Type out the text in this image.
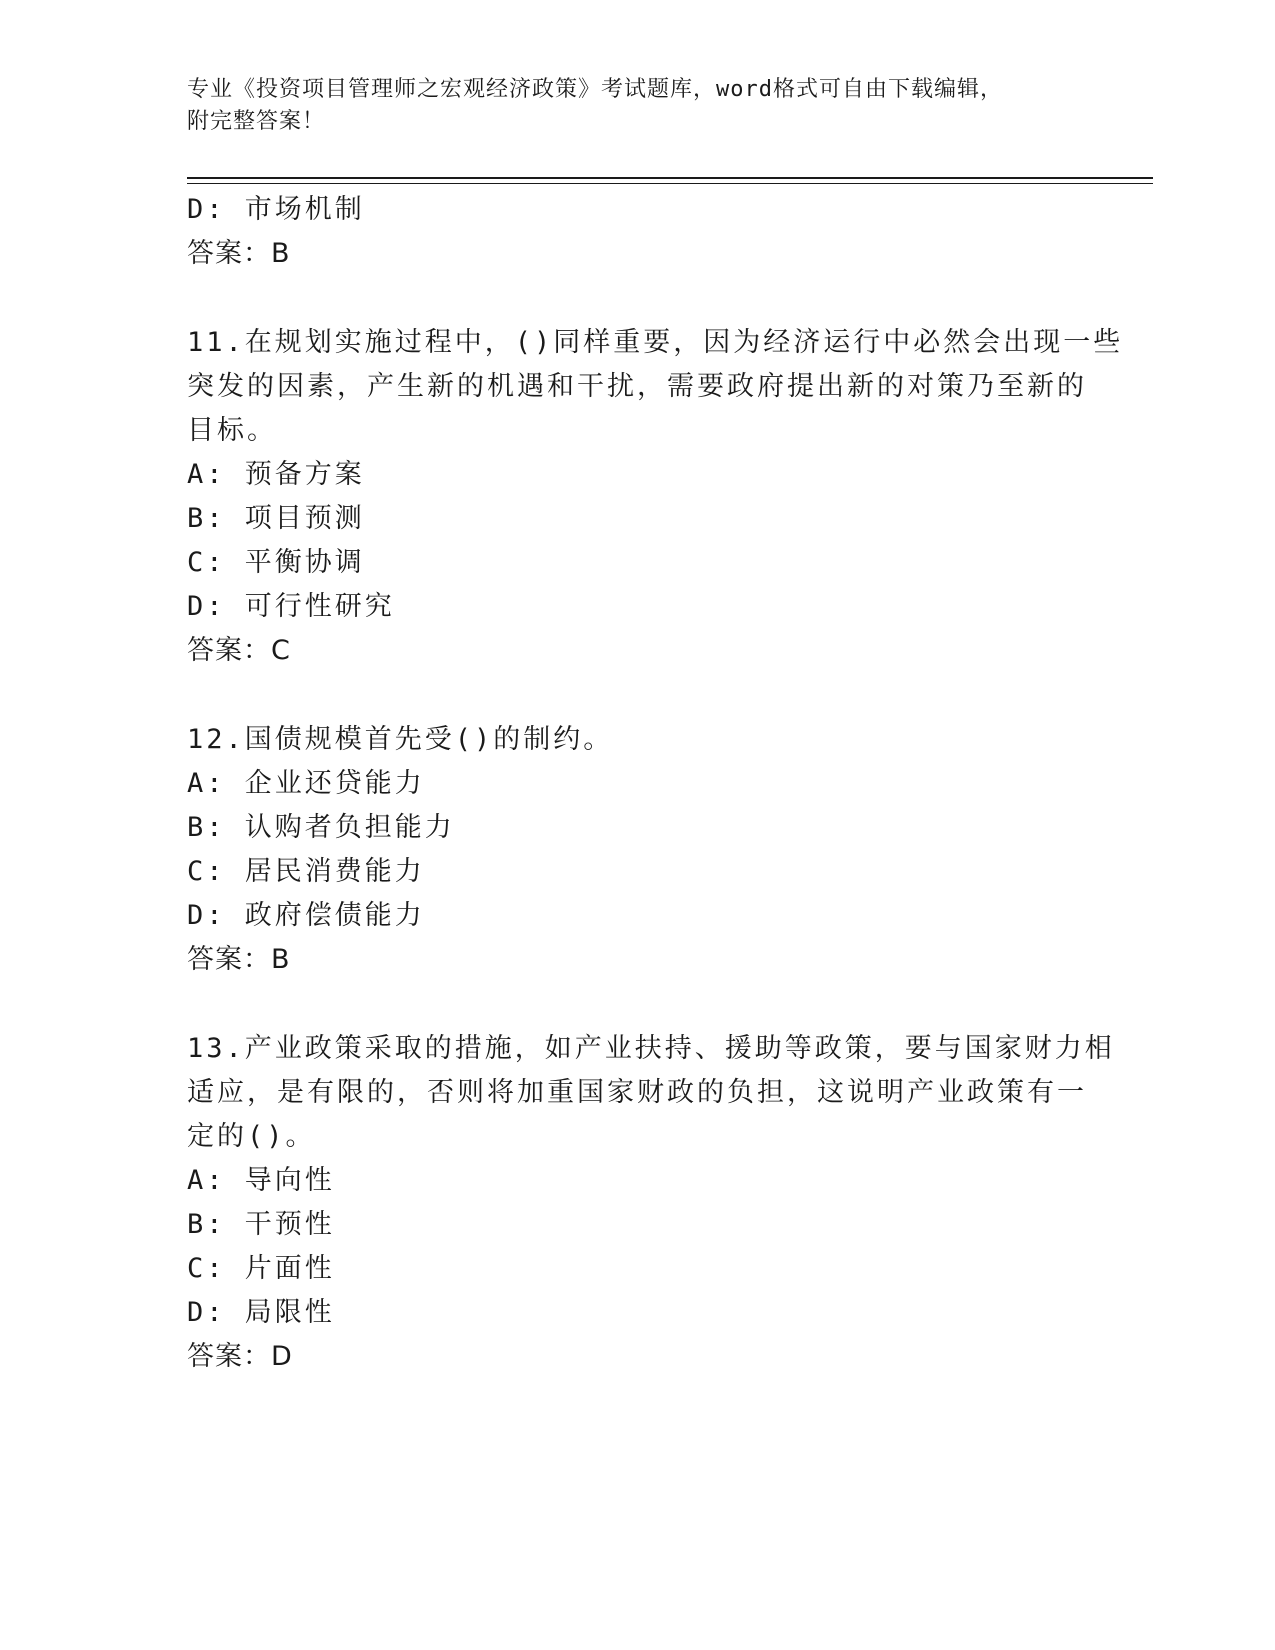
专业《投资项目管理师之宏观经济政策》考试题库，word格式可自由下载编辑，
附完整答案！
D: 市场机制
答案：B
11.在规划实施过程中，()同样重要，因为经济运行中必然会出现一些
突发的因素，产生新的机遇和干扰，需要政府提出新的对策乃至新的
目标。
A: 预备方案
B: 项目预测
C: 平衡协调
D: 可行性研究
答案：C
12.国债规模首先受()的制约。
A: 企业还贷能力
B: 认购者负担能力
C: 居民消费能力
D: 政府偿债能力
答案：B
13.产业政策采取的措施，如产业扶持、援助等政策，要与国家财力相
适应，是有限的，否则将加重国家财政的负担，这说明产业政策有一
定的()。
A: 导向性
B: 干预性
C: 片面性
D: 局限性
答案：D
